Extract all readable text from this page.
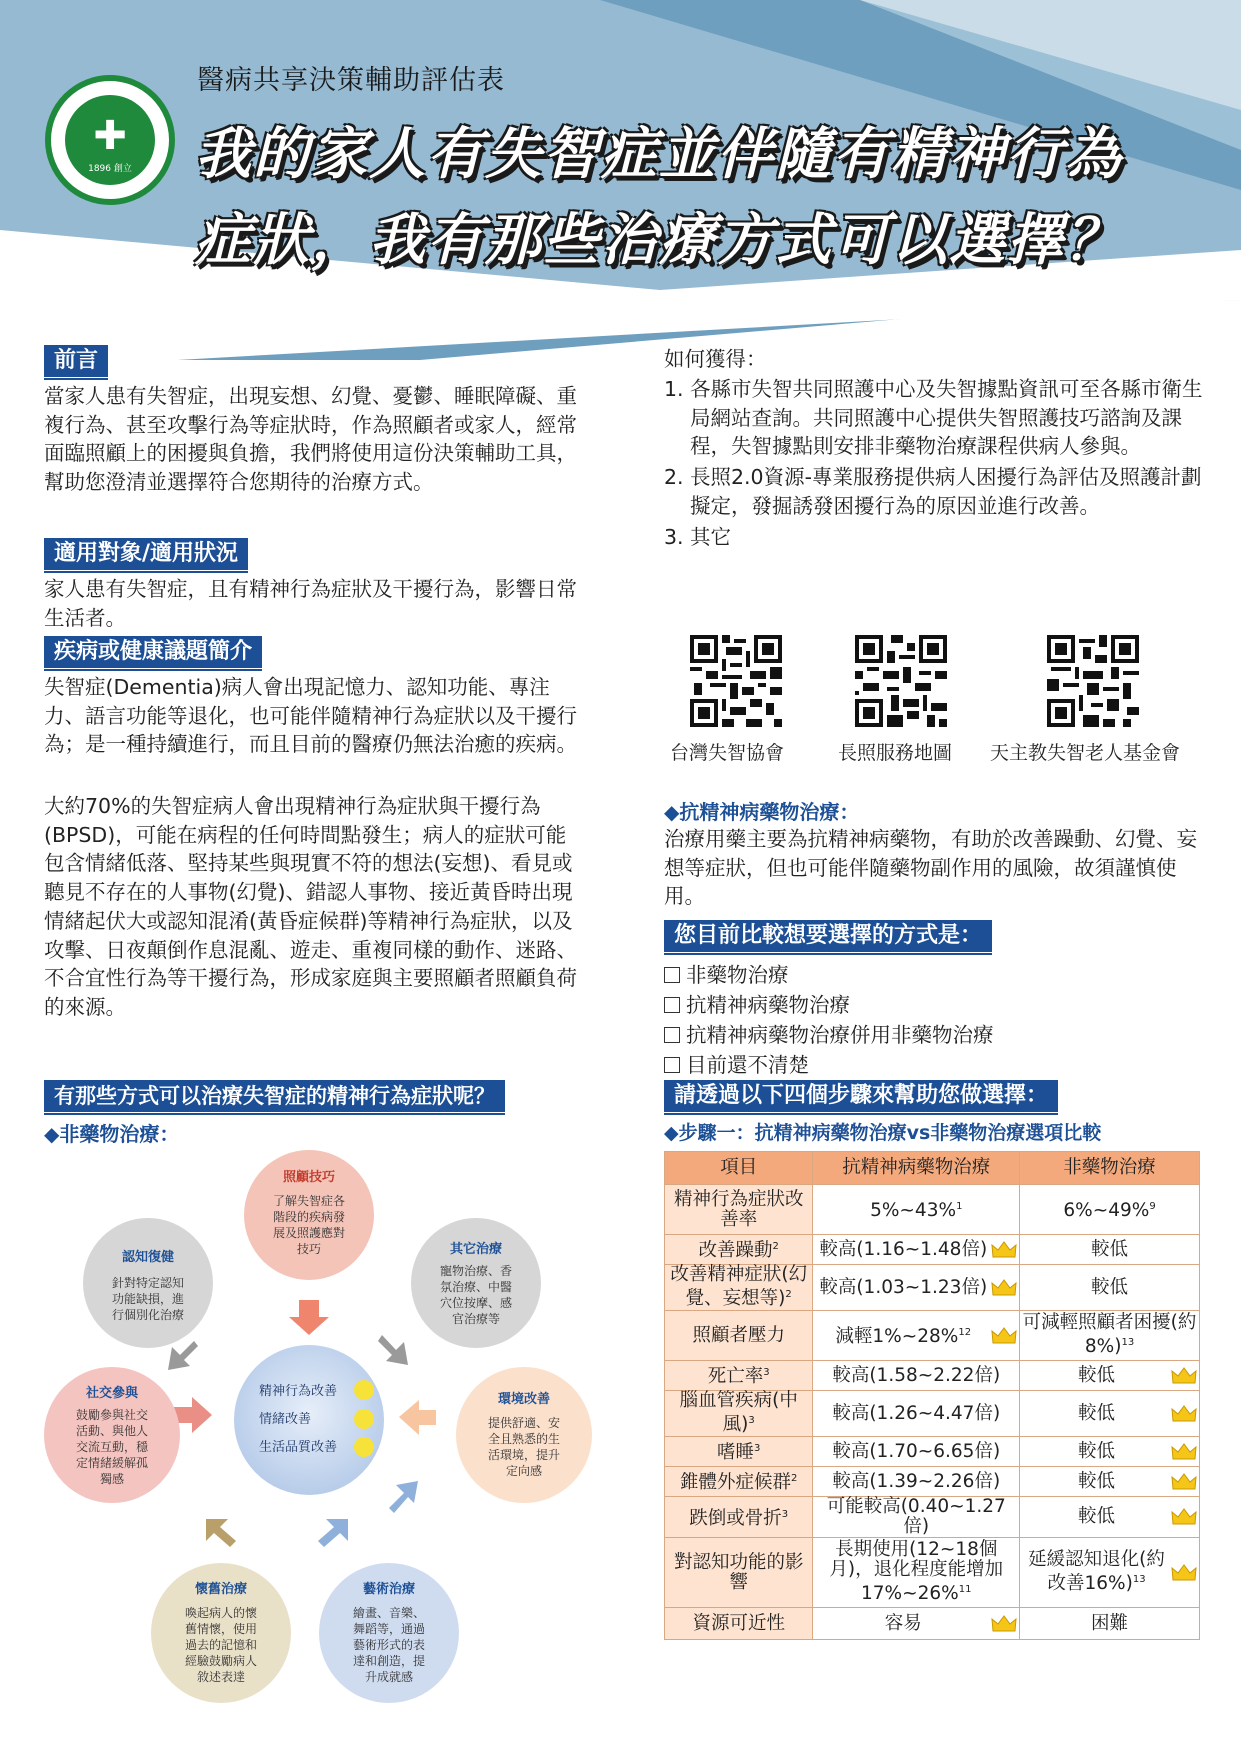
✚
1896 創立
醫病共享決策輔助評估表
我的家人有失智症並伴隨有精神行為
症狀，我有那些治療方式可以選擇？
前言
當家人患有失智症，出現妄想、幻覺、憂鬱、睡眠障礙、重複行為、甚至攻擊行為等症狀時，作為照顧者或家人，經常面臨照顧上的困擾與負擔，我們將使用這份決策輔助工具，幫助您澄清並選擇符合您期待的治療方式。
適用對象/適用狀況
家人患有失智症，且有精神行為症狀及干擾行為，影響日常生活者。
疾病或健康議題簡介
失智症(Dementia)病人會出現記憶力、認知功能、專注力、語言功能等退化，也可能伴隨精神行為症狀以及干擾行為；是一種持續進行，而且目前的醫療仍無法治癒的疾病。
大約70%的失智症病人會出現精神行為症狀與干擾行為(BPSD)，可能在病程的任何時間點發生；病人的症狀可能包含情緒低落、堅持某些與現實不符的想法(妄想)、看見或聽見不存在的人事物(幻覺)、錯認人事物、接近黃昏時出現情緒起伏大或認知混淆(黃昏症候群)等精神行為症狀，以及攻擊、日夜顛倒作息混亂、遊走、重複同樣的動作、迷路、不合宜性行為等干擾行為，形成家庭與主要照顧者照顧負荷的來源。
有那些方式可以治療失智症的精神行為症狀呢？
◆非藥物治療：
精神行為改善
情緒改善
生活品質改善
照顧技巧
了解失智症各
階段的疾病發
展及照護應對
技巧	其它治療
寵物治療、香
氛治療、中醫
穴位按摩、感
官治療等
環境改善
提供舒適、安
全且熟悉的生
活環境，提升
定向感
藝術治療
繪畫、音樂、
舞蹈等，通過
藝術形式的表
達和創造，提
升成就感
懷舊治療
喚起病人的懷
舊情懷，使用
過去的記憶和
經驗鼓勵病人
敘述表達
社交參與
鼓勵參與社交
活動、與他人
交流互動，穩
定情緒緩解孤
獨感
認知復健
針對特定認知
功能缺損，進
行個別化治療
如何獲得：
1. 各縣市失智共同照護中心及失智據點資訊可至各縣市衛生局網站查詢。共同照護中心提供失智照護技巧諮詢及課程，失智據點則安排非藥物治療課程供病人參與。
2. 長照2.0資源-專業服務提供病人困擾行為評估及照護計劃擬定，發掘誘發困擾行為的原因並進行改善。
3. 其它
台灣失智協會	長照服務地圖 天主教失智老人基金會
◆抗精神病藥物治療：
治療用藥主要為抗精神病藥物，有助於改善躁動、幻覺、妄想等症狀，但也可能伴隨藥物副作用的風險，故須謹慎使用。
您目前比較想要選擇的方式是：
非藥物治療
抗精神病藥物治療
抗精神病藥物治療併用非藥物治療
目前還不清楚
請透過以下四個步驟來幫助您做選擇：
◆步驟一：抗精神病藥物治療vs非藥物治療選項比較
項目	抗精神病藥物治療	非藥物治療
精神行為症狀改善率	5%~43%$^1$	6%~49%$^9$
改善躁動$^2$	較高(1.16~1.48倍)	較低
改善精神症狀(幻覺、妄想等)$^2$	較高(1.03~1.23倍)	較低
照顧者壓力	減輕1%~28%$^{12}$	可減輕照顧者困擾(約8%)$^{13}$
死亡率$^3$	較高(1.58~2.22倍)	較低

腦血管疾病(中風)$^3$	較高(1.26~4.47倍)	較低

嗜睡$^3$	較高(1.70~6.65倍)	較低

錐體外症候群$^2$	較高(1.39~2.26倍)	較低

跌倒或骨折$^3$	可能較高(0.40~1.27倍)	較低

對認知功能的影響	長期使用(12~18個月)，退化程度能增加17%~26%$^{11}$	延緩認知退化(約改善16%)$^{13}$

資源可近性	容易	困難
